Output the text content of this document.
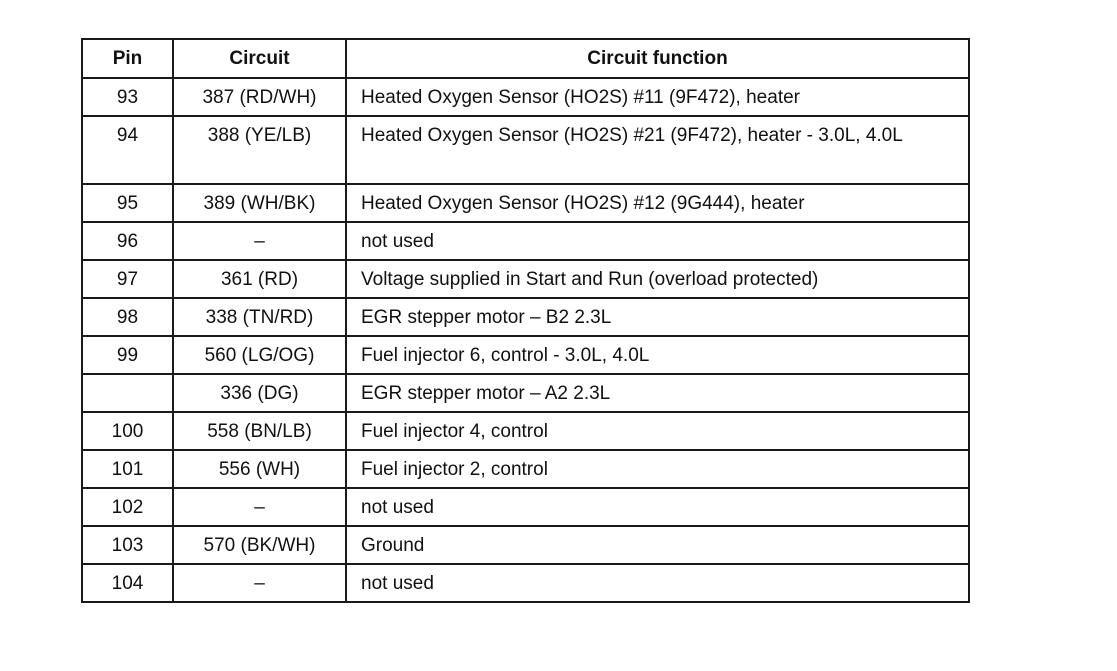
Pin	Circuit	Circuit function
93	387 (RD/WH)	Heated Oxygen Sensor (HO2S) #11 (9F472), heater
94	388 (YE/LB)	Heated Oxygen Sensor (HO2S) #21 (9F472), heater - 3.0L, 4.0L
95	389 (WH/BK)	Heated Oxygen Sensor (HO2S) #12 (9G444), heater
96	–	not used
97	361 (RD)	Voltage supplied in Start and Run (overload protected)
98	338 (TN/RD)	EGR stepper motor – B2 2.3L
99	560 (LG/OG)	Fuel injector 6, control - 3.0L, 4.0L
	336 (DG)	EGR stepper motor – A2 2.3L
100	558 (BN/LB)	Fuel injector 4, control
101	556 (WH)	Fuel injector 2, control
102	–	not used
103	570 (BK/WH)	Ground
104	–	not used
